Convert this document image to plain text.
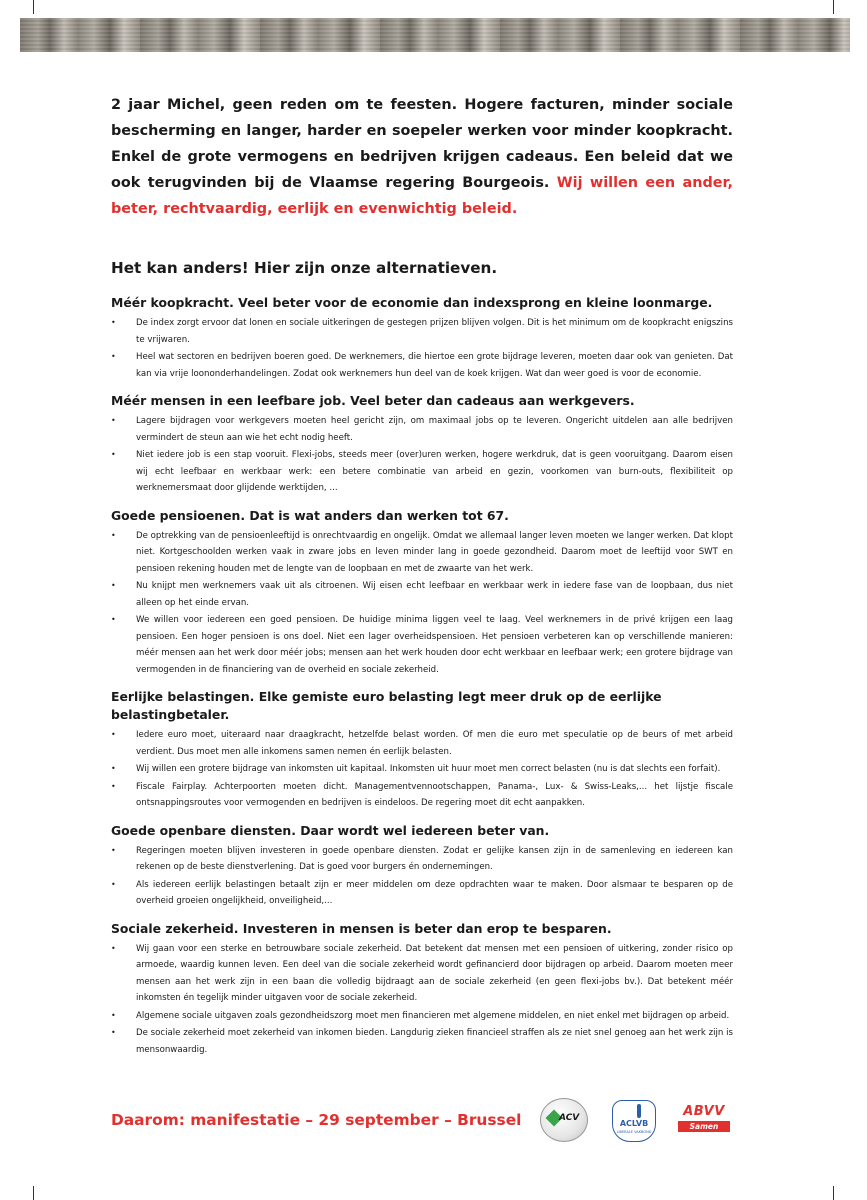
2 jaar Michel, geen reden om te feesten. Hogere facturen, minder sociale bescherming en langer, harder en soepeler werken voor minder koopkracht. Enkel de grote vermogens en bedrijven krijgen cadeaus. Een beleid dat we ook terugvinden bij de Vlaamse regering Bourgeois. Wij willen een ander, beter, rechtvaardig, eerlijk en evenwichtig beleid.

Het kan anders! Hier zijn onze alternatieven.
Méér koopkracht. Veel beter voor de economie dan indexsprong en kleine loonmarge.
• De index zorgt ervoor dat lonen en sociale uitkeringen de gestegen prijzen blijven volgen. Dit is het minimum om de koopkracht enigszins te vrijwaren.
• Heel wat sectoren en bedrijven boeren goed. De werknemers, die hiertoe een grote bijdrage leveren, moeten daar ook van genieten. Dat kan via vrije loononderhandelingen. Zodat ook werknemers hun deel van de koek krijgen. Wat dan weer goed is voor de economie.
Méér mensen in een leefbare job. Veel beter dan cadeaus aan werkgevers.
• Lagere bijdragen voor werkgevers moeten heel gericht zijn, om maximaal jobs op te leveren. Ongericht uitdelen aan alle bedrijven vermindert de steun aan wie het echt nodig heeft.
• Niet iedere job is een stap vooruit. Flexi-jobs, steeds meer (over)uren werken, hogere werkdruk, dat is geen vooruitgang. Daarom eisen wij echt leefbaar en werkbaar werk: een betere combinatie van arbeid en gezin, voorkomen van burn-outs, flexibiliteit op werknemersmaat door glijdende werktijden, ...
Goede pensioenen. Dat is wat anders dan werken tot 67.
• De optrekking van de pensioenleeftijd is onrechtvaardig en ongelijk. Omdat we allemaal langer leven moeten we langer werken. Dat klopt niet. Kortgeschoolden werken vaak in zware jobs en leven minder lang in goede gezondheid. Daarom moet de leeftijd voor SWT en pensioen rekening houden met de lengte van de loopbaan en met de zwaarte van het werk.
• Nu knijpt men werknemers vaak uit als citroenen. Wij eisen echt leefbaar en werkbaar werk in iedere fase van de loopbaan, dus niet alleen op het einde ervan.
• We willen voor iedereen een goed pensioen. De huidige minima liggen veel te laag. Veel werknemers in de privé krijgen een laag pensioen. Een hoger pensioen is ons doel. Niet een lager overheidspensioen. Het pensioen verbeteren kan op verschillende manieren: méér mensen aan het werk door méér jobs; mensen aan het werk houden door echt werkbaar en leefbaar werk; een grotere bijdrage van vermogenden in de financiering van de overheid en sociale zekerheid.
Eerlijke belastingen. Elke gemiste euro belasting legt meer druk op de eerlijke belastingbetaler.
• Iedere euro moet, uiteraard naar draagkracht, hetzelfde belast worden. Of men die euro met speculatie op de beurs of met arbeid verdient. Dus moet men alle inkomens samen nemen én eerlijk belasten.
• Wij willen een grotere bijdrage van inkomsten uit kapitaal. Inkomsten uit huur moet men correct belasten (nu is dat slechts een forfait).
• Fiscale Fairplay. Achterpoorten moeten dicht. Managementvennootschappen, Panama-, Lux- & Swiss-Leaks,... het lijstje fiscale ontsnappingsroutes voor vermogenden en bedrijven is eindeloos. De regering moet dit echt aanpakken.
Goede openbare diensten. Daar wordt wel iedereen beter van.
• Regeringen moeten blijven investeren in goede openbare diensten. Zodat er gelijke kansen zijn in de samenleving en iedereen kan rekenen op de beste dienstverlening. Dat is goed voor burgers én ondernemingen.
• Als iedereen eerlijk belastingen betaalt zijn er meer middelen om deze opdrachten waar te maken. Door alsmaar te besparen op de overheid groeien ongelijkheid, onveiligheid,...
Sociale zekerheid. Investeren in mensen is beter dan erop te besparen.
• Wij gaan voor een sterke en betrouwbare sociale zekerheid. Dat betekent dat mensen met een pensioen of uitkering, zonder risico op armoede, waardig kunnen leven. Een deel van die sociale zekerheid wordt gefinancierd door bijdragen op arbeid. Daarom moeten meer mensen aan het werk zijn in een baan die volledig bijdraagt aan de sociale zekerheid (en geen flexi-jobs bv.). Dat betekent méér inkomsten én tegelijk minder uitgaven voor de sociale zekerheid.
• Algemene sociale uitgaven zoals gezondheidszorg moet men financieren met algemene middelen, en niet enkel met bijdragen op arbeid.
• De sociale zekerheid moet zekerheid van inkomen bieden. Langdurig zieken financieel straffen als ze niet snel genoeg aan het werk zijn is mensonwaardig.

Daarom: manifestatie – 29 september – Brussel	ACV
ACLVB
LIBERALE VAKBOND
ABVV
Samen sterk
